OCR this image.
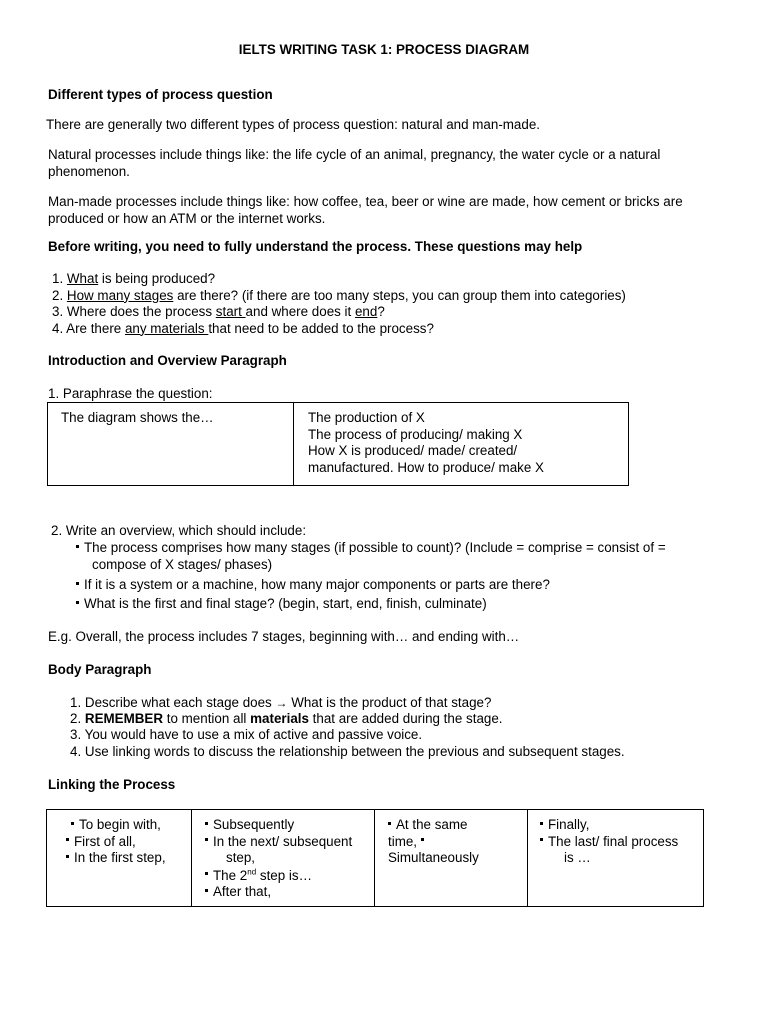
IELTS WRITING TASK 1: PROCESS DIAGRAM
Different types of process question
There are generally two different types of process question: natural and man-made.
Natural processes include things like: the life cycle of an animal, pregnancy, the water cycle or a natural phenomenon.
Man-made processes include things like: how coffee, tea, beer or wine are made, how cement or bricks are produced or how an ATM or the internet works.
Before writing, you need to fully understand the process. These questions may help
1. What is being produced?
2. How many stages are there? (if there are too many steps, you can group them into categories)
3. Where does the process start and where does it end?
4. Are there any materials that need to be added to the process?
Introduction and Overview Paragraph
1. Paraphrase the question:
The diagram shows the…	The production of X
The process of producing/ making X
How X is produced/ made/ created/
manufactured. How to produce/ make X
2. Write an overview, which should include:
The process comprises how many stages (if possible to count)? (Include = comprise = consist of =
compose of X stages/ phases)
If it is a system or a machine, how many major components or parts are there?
What is the first and final stage? (begin, start, end, finish, culminate)
E.g. Overall, the process includes 7 stages, beginning with… and ending with…
Body Paragraph
1. Describe what each stage does → What is the product of that stage?
2. REMEMBER to mention all materials that are added during the stage.
3. You would have to use a mix of active and passive voice.
4. Use linking words to discuss the relationship between the previous and subsequent stages.
Linking the Process
To begin with,
First of all,
In the first step,

Subsequently
In the next/ subsequent
step,
The 2nd step is…
After that,

At the same
time,
Simultaneously

Finally,
The last/ final process
is …
